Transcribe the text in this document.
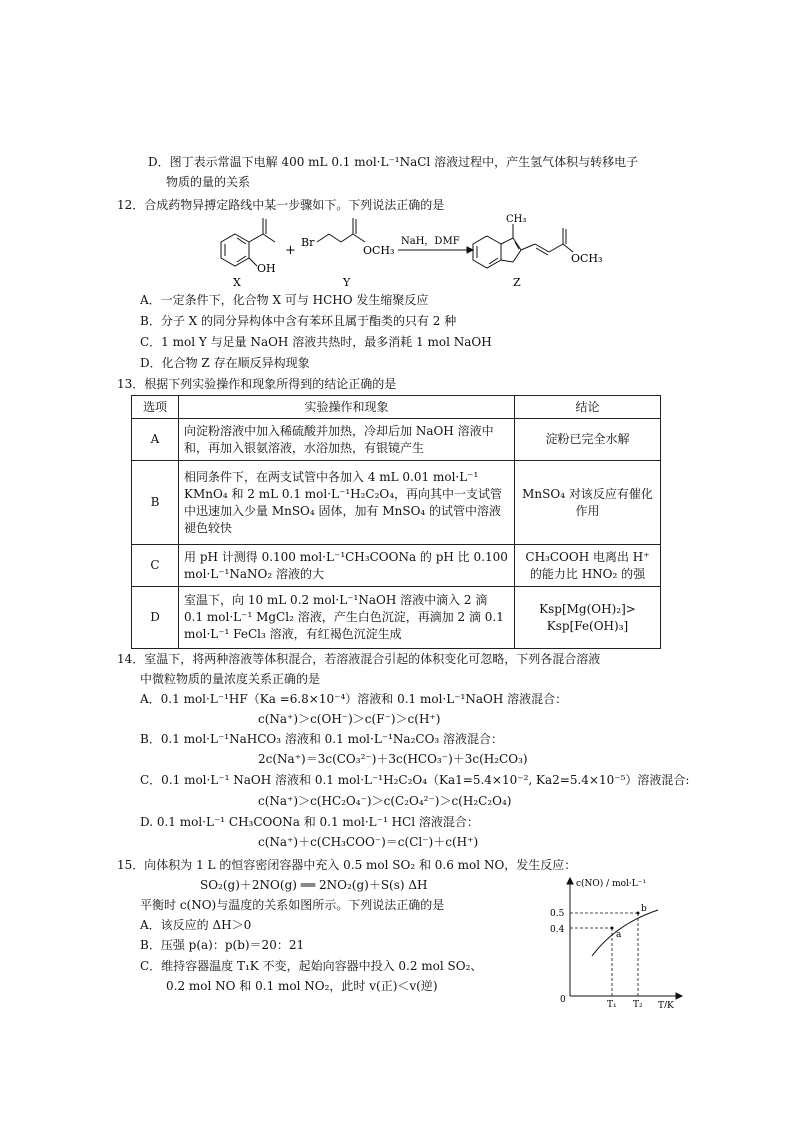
D．图丁表示常温下电解 400 mL 0.1 mol·L⁻¹NaCl 溶液过程中，产生氢气体积与转移电子
物质的量的关系
12．合成药物异搏定路线中某一步骤如下。下列说法正确的是
OH
X
+
Br
OCH₃
Y
NaH，DMF
CH₃
OCH₃
Z
A．一定条件下，化合物 X 可与 HCHO 发生缩聚反应
B．分子 X 的同分异构体中含有苯环且属于酯类的只有 2 种
C．1 mol Y 与足量 NaOH 溶液共热时，最多消耗 1 mol NaOH
D．化合物 Z 存在顺反异构现象
13．根据下列实验操作和现象所得到的结论正确的是
选项	实验操作和现象	结论
A	向淀粉溶液中加入稀硫酸并加热，冷却后加 NaOH 溶液中和，再加入银氨溶液，水浴加热，有银镜产生	淀粉已完全水解
B	相同条件下，在两支试管中各加入 4 mL 0.01 mol·L⁻¹ KMnO₄ 和 2 mL 0.1 mol·L⁻¹H₂C₂O₄，再向其中一支试管中迅速加入少量 MnSO₄ 固体，加有 MnSO₄ 的试管中溶液褪色较快	MnSO₄ 对该反应有催化作用
C	用 pH 计测得 0.100 mol·L⁻¹CH₃COONa 的 pH 比 0.100 mol·L⁻¹NaNO₂ 溶液的大	CH₃COOH 电离出 H⁺ 的能力比 HNO₂ 的强
D	室温下，向 10 mL 0.2 mol·L⁻¹NaOH 溶液中滴入 2 滴 0.1 mol·L⁻¹ MgCl₂ 溶液，产生白色沉淀，再滴加 2 滴 0.1 mol·L⁻¹ FeCl₃ 溶液，有红褐色沉淀生成	Ksp[Mg(OH)₂]> Ksp[Fe(OH)₃]
14．室温下，将两种溶液等体积混合，若溶液混合引起的体积变化可忽略，下列各混合溶液
中微粒物质的量浓度关系正确的是
A．0.1 mol·L⁻¹HF（Ka =6.8×10⁻⁴）溶液和 0.1 mol·L⁻¹NaOH 溶液混合：
c(Na⁺)＞c(OH⁻)＞c(F⁻)＞c(H⁺)
B．0.1 mol·L⁻¹NaHCO₃ 溶液和 0.1 mol·L⁻¹Na₂CO₃ 溶液混合：
2c(Na⁺)＝3c(CO₃²⁻)＋3c(HCO₃⁻)＋3c(H₂CO₃)
C．0.1 mol·L⁻¹ NaOH 溶液和 0.1 mol·L⁻¹H₂C₂O₄（Ka1=5.4×10⁻², Ka2=5.4×10⁻⁵）溶液混合:
c(Na⁺)＞c(HC₂O₄⁻)＞c(C₂O₄²⁻)＞c(H₂C₂O₄)
D. 0.1 mol·L⁻¹ CH₃COONa 和 0.1 mol·L⁻¹ HCl 溶液混合：
c(Na⁺)＋c(CH₃COO⁻)＝c(Cl⁻)＋c(H⁺)
15．向体积为 1 L 的恒容密闭容器中充入 0.5 mol SO₂ 和 0.6 mol NO，发生反应：
SO₂(g)＋2NO(g) ══ 2NO₂(g)＋S(s) ΔH
平衡时 c(NO)与温度的关系如图所示。下列说法正确的是
A．该反应的 ΔH＞0
B．压强 p(a)：p(b)＝20：21
C．维持容器温度 T₁K 不变，起始向容器中投入 0.2 mol SO₂、
0.2 mol NO 和 0.1 mol NO₂，此时 v(正)＜v(逆)
c(NO) / mol·L⁻¹
T/K
0
0.5
0.4
T₁ T₂
a
b
